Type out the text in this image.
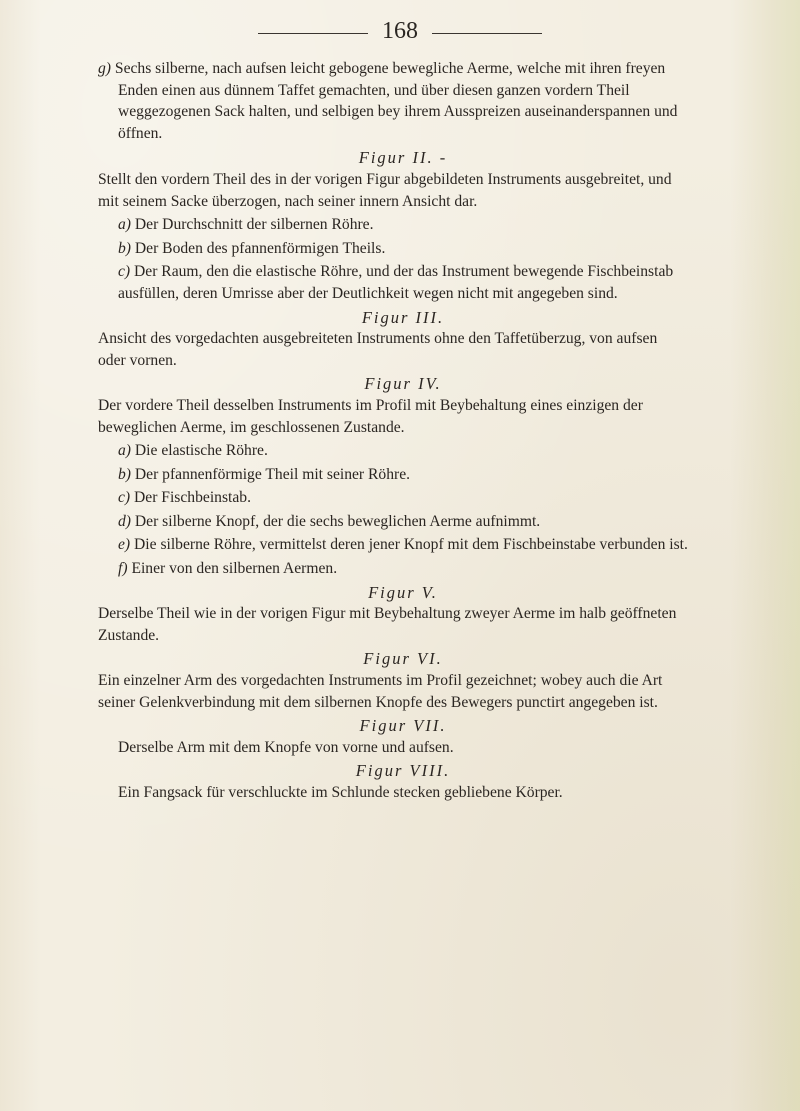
168

g) Sechs silberne, nach aufsen leicht gebogene bewegliche Aerme, welche mit ihren freyen Enden einen aus dünnem Taffet gemachten, und über diesen ganzen vordern Theil weggezogenen Sack halten, und selbigen bey ihrem Ausspreizen auseinanderspannen und öffnen.

Figur II. -

Stellt den vordern Theil des in der vorigen Figur abgebildeten Instruments ausgebreitet, und mit seinem Sacke überzogen, nach seiner innern Ansicht dar.

a) Der Durchschnitt der silbernen Röhre.

b) Der Boden des pfannenförmigen Theils.

c) Der Raum, den die elastische Röhre, und der das Instrument bewegende Fischbeinstab ausfüllen, deren Umrisse aber der Deutlichkeit wegen nicht mit angegeben sind.

Figur III.

Ansicht des vorgedachten ausgebreiteten Instruments ohne den Taffetüberzug, von aufsen oder vornen.

Figur IV.

Der vordere Theil desselben Instruments im Profil mit Beybehaltung eines einzigen der beweglichen Aerme, im geschlossenen Zustande.

a) Die elastische Röhre.

b) Der pfannenförmige Theil mit seiner Röhre.

c) Der Fischbeinstab.

d) Der silberne Knopf, der die sechs beweglichen Aerme aufnimmt.

e) Die silberne Röhre, vermittelst deren jener Knopf mit dem Fischbeinstabe verbunden ist.

f) Einer von den silbernen Aermen.

Figur V.

Derselbe Theil wie in der vorigen Figur mit Beybehaltung zweyer Aerme im halb geöffneten Zustande.

Figur VI.

Ein einzelner Arm des vorgedachten Instruments im Profil gezeichnet; wobey auch die Art seiner Gelenkverbindung mit dem silbernen Knopfe des Bewegers punctirt angegeben ist.

Figur VII.

Derselbe Arm mit dem Knopfe von vorne und aufsen.

Figur VIII.

Ein Fangsack für verschluckte im Schlunde stecken gebliebene Körper.
